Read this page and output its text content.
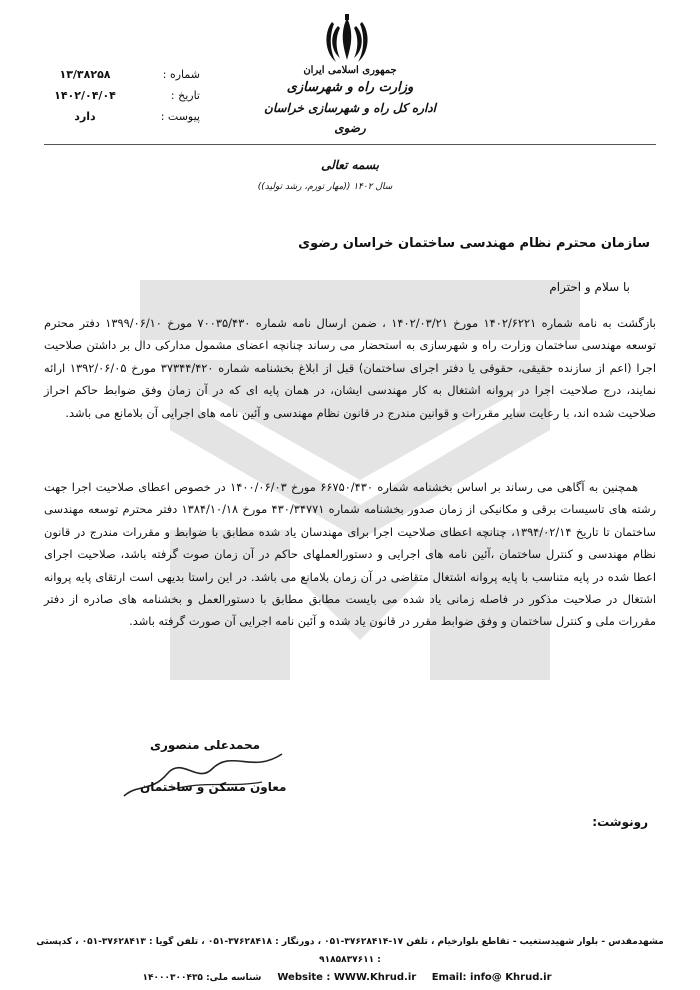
جمهوری اسلامی ایران
وزارت راه و شهرسازی
اداره کل راه و شهرسازی خراسان رضوی
شماره :
۱۳/۳۸۲۵۸
تاریخ :
۱۴۰۲/۰۴/۰۴
پیوست :
دارد
بسمه تعالی
سال ۱۴۰۲ ((مهار تورم، رشد تولید))
سازمان محترم نظام مهندسی ساختمان خراسان رضوی
با سلام و احترام
بازگشت به نامه شماره ۱۴۰۲/۶۲۲۱ مورخ ۱۴۰۲/۰۳/۲۱ ، ضمن ارسال نامه شماره ۷۰۰۳۵/۴۳۰ مورخ ۱۳۹۹/۰۶/۱۰ دفتر محترم توسعه مهندسی ساختمان وزارت راه و شهرسازی به استحضار می رساند چنانچه اعضای مشمول مدارکی دال بر داشتن صلاحیت اجرا (اعم از سازنده حقیقی، حقوقی یا دفتر اجرای ساختمان) قبل از ابلاغ بخشنامه شماره ۳۷۳۴۴/۴۲۰ مورخ ۱۳۹۲/۰۶/۰۵ ارائه نمایند، درج صلاحیت اجرا در پروانه اشتغال به کار مهندسی ایشان، در همان پایه ای که در آن زمان وفق ضوابط حاکم احراز صلاحیت شده اند، با رعایت سایر مقررات و قوانین مندرج در قانون نظام مهندسی و آئین نامه های اجرایی آن بلامانع می باشد.
همچنین به آگاهی می رساند بر اساس بخشنامه شماره ۶۶۷۵۰/۴۳۰ مورخ ۱۴۰۰/۰۶/۰۳ در خصوص اعطای صلاحیت اجرا جهت رشته های تاسیسات برقی و مکانیکی از زمان صدور بخشنامه شماره ۴۳۰/۳۴۷۷۱ مورخ ۱۳۸۴/۱۰/۱۸ دفتر محترم توسعه مهندسی ساختمان تا تاریخ ۱۳۹۴/۰۲/۱۴، چنانچه اعطای صلاحیت اجرا برای مهندسان یاد شده مطابق با ضوابط و مقررات مندرج در قانون نظام مهندسی و کنترل ساختمان ،آئین نامه های اجرایی و دستورالعملهای حاکم در آن زمان صوت گرفته باشد، صلاحیت اجرای اعطا شده در پایه متناسب با پایه پروانه اشتغال متقاضی در آن زمان بلامانع می باشد. در این راستا بدیهی است ارتقای پایه پروانه اشتغال در صلاحیت مذکور در فاصله زمانی یاد شده می بایست مطابق مطابق با دستورالعمل و بخشنامه های صادره از دفتر مقررات ملی و کنترل ساختمان و وفق ضوابط مقرر در قانون یاد شده و آئین نامه اجرایی آن صورت گرفته باشد.
محمدعلی منصوری
معاون مسکن و ساختمان
رونوشت:
مشهدمقدس - بلوار شهیدستغیب - تقاطع بلوارخیام ، تلفن ۱۷-۳۷۶۲۸۴۱۴-۰۵۱ ، دورنگار : ۳۷۶۲۸۴۱۸-۰۵۱ ، تلفن گویا : ۳۷۶۲۸۴۱۳-۰۵۱ ، کدپستی : ۹۱۸۵۸۳۷۶۱۱
Website : WWW.Khrud.ir Email: info@ Khrud.ir
شناسه ملی: ۱۴۰۰۰۳۰۰۴۳۵
